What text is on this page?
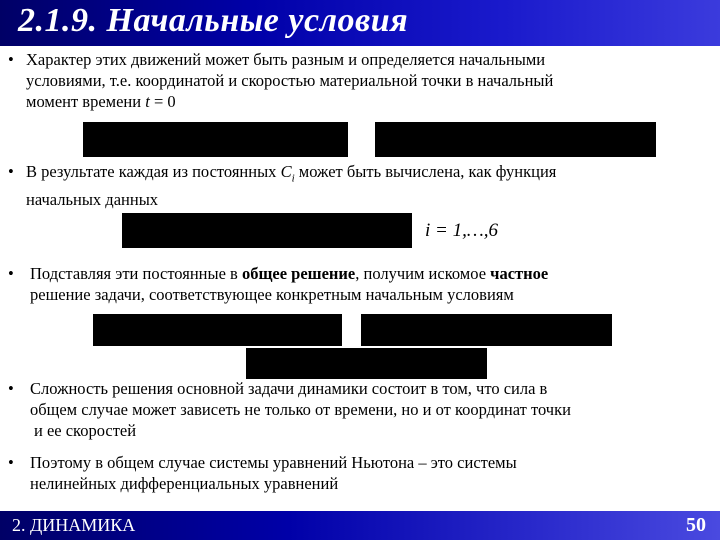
2.1.9. Начальные условия
• Характер этих движений может быть разным и определяется начальными
условиями, т.е. координатой и скоростью материальной точки в начальный
момент времени t = 0
• В результате каждая из постоянных $C_i$ может быть вычислена, как функция
начальных данных
i = 1,…,6
• Подставляя эти постоянные в общее решение, получим искомое частное
решение задачи, соответствующее конкретным начальным условиям
• Сложность решения основной задачи динамики состоит в том, что сила в
общем случае может зависеть не только от времени, но и от координат точки
и ее скоростей
• Поэтому в общем случае системы уравнений Ньютона – это системы
нелинейных дифференциальных уравнений
2. ДИНАМИКА	50
